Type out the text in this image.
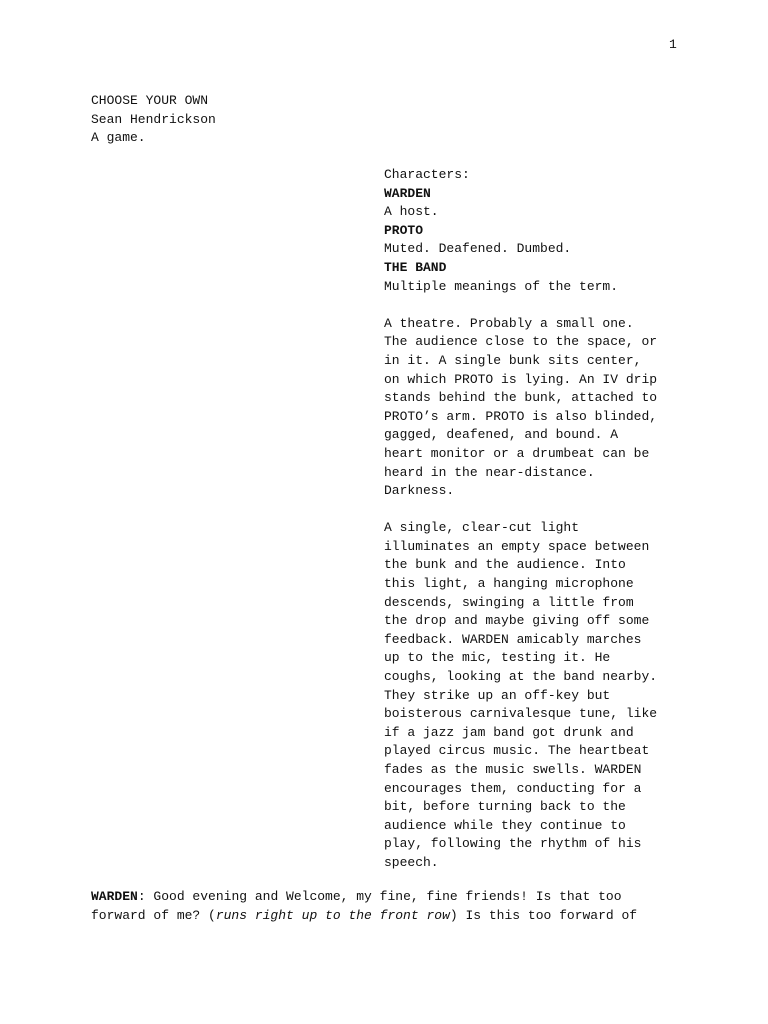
1
CHOOSE YOUR OWN
Sean Hendrickson
A game.
Characters:
WARDEN
A host.
PROTO
Muted. Deafened. Dumbed.
THE BAND
Multiple meanings of the term.
A theatre. Probably a small one.
The audience close to the space, or
in it. A single bunk sits center,
on which PROTO is lying. An IV drip
stands behind the bunk, attached to
PROTO’s arm. PROTO is also blinded,
gagged, deafened, and bound. A
heart monitor or a drumbeat can be
heard in the near-distance.
Darkness.
A single, clear-cut light
illuminates an empty space between
the bunk and the audience. Into
this light, a hanging microphone
descends, swinging a little from
the drop and maybe giving off some
feedback. WARDEN amicably marches
up to the mic, testing it. He
coughs, looking at the band nearby.
They strike up an off-key but
boisterous carnivalesque tune, like
if a jazz jam band got drunk and
played circus music. The heartbeat
fades as the music swells. WARDEN
encourages them, conducting for a
bit, before turning back to the
audience while they continue to
play, following the rhythm of his
speech.
WARDEN: Good evening and Welcome, my fine, fine friends! Is that too
forward of me? (runs right up to the front row) Is this too forward of
